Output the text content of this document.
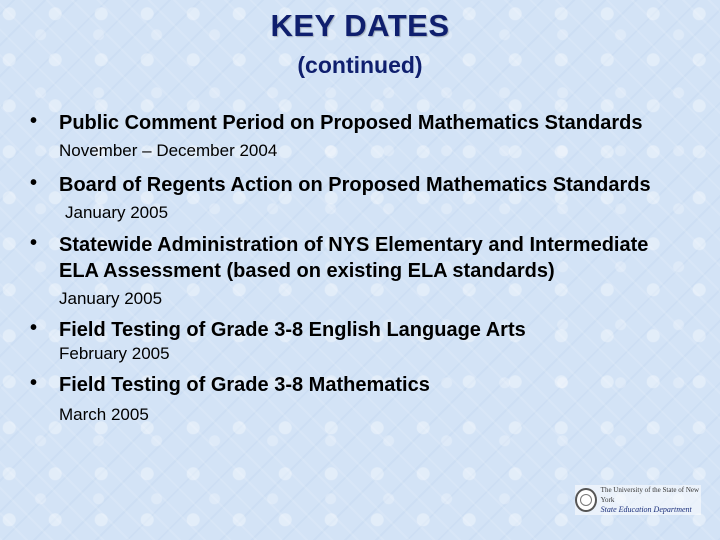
KEY DATES
(continued)
• Public Comment Period on Proposed Mathematics Standards
November – December 2004
• Board of Regents Action on Proposed Mathematics Standards
January 2005
• Statewide Administration of NYS Elementary and Intermediate ELA Assessment (based on existing ELA standards)
January 2005
• Field Testing of Grade 3-8 English Language Arts
February 2005
• Field Testing of Grade 3-8 Mathematics
March 2005
The University of the State of New York
State Education Department
